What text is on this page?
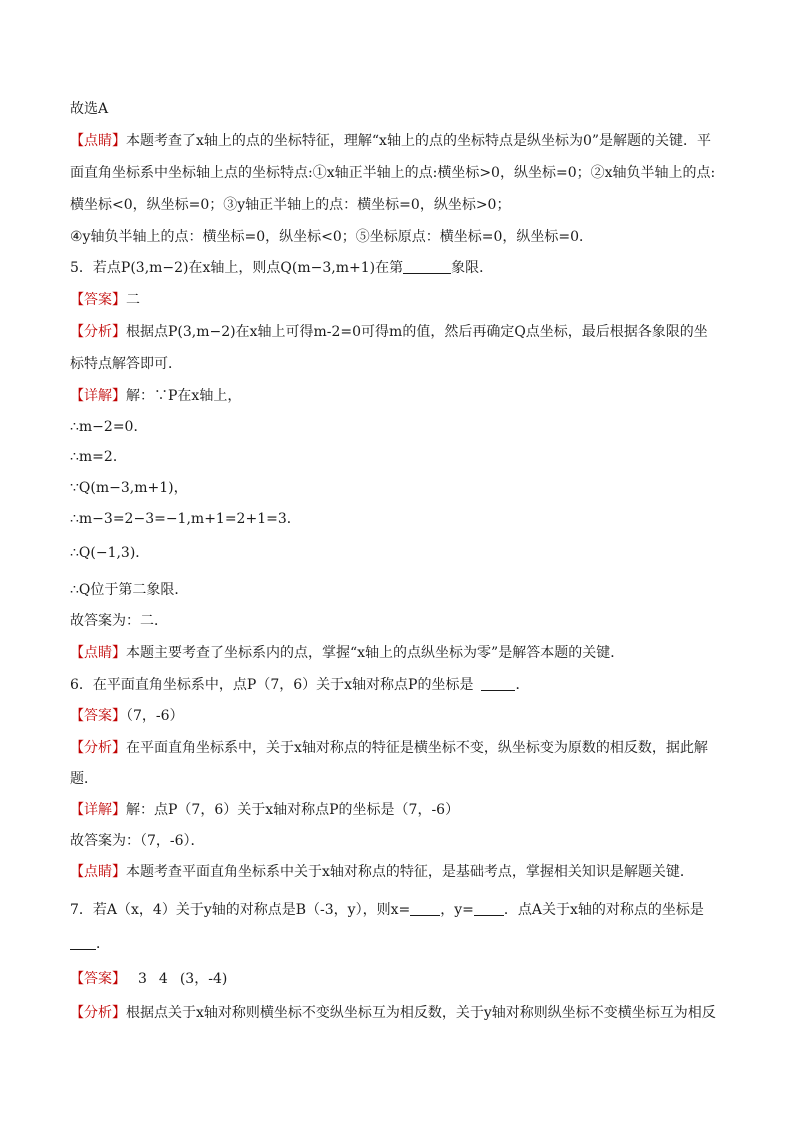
故选A
【点睛】本题考查了x轴上的点的坐标特征，理解“x轴上的点的坐标特点是纵坐标为0”是解题的关键．平
面直角坐标系中坐标轴上点的坐标特点:①x轴正半轴上的点:横坐标>0，纵坐标=0；②x轴负半轴上的点:
横坐标<0，纵坐标=0；③y轴正半轴上的点：横坐标=0，纵坐标>0；
④y轴负半轴上的点：横坐标=0，纵坐标<0；⑤坐标原点：横坐标=0，纵坐标=0．
5．若点P(3,m−2)在x轴上，则点Q(m−3,m+1)在第	象限．
【答案】二
【分析】根据点P(3,m−2)在x轴上可得m-2=0可得m的值，然后再确定Q点坐标，最后根据各象限的坐
标特点解答即可．
【详解】解：∵P在x轴上，
∴m−2=0．
∴m=2．
∵Q(m−3,m+1)，
∴m−3=2−3=−1,m+1=2+1=3．
∴Q(−1,3)．
∴Q位于第二象限．
故答案为：二．
【点睛】本题主要考查了坐标系内的点，掌握“x轴上的点纵坐标为零”是解答本题的关键．
6．在平面直角坐标系中，点P（7，6）关于x轴对称点P的坐标是	．
【答案】（7，-6）
【分析】在平面直角坐标系中，关于x轴对称点的特征是横坐标不变，纵坐标变为原数的相反数，据此解
题．
【详解】解：点P（7，6）关于x轴对称点P的坐标是（7，-6）
故答案为：（7，-6）．
【点睛】本题考查平面直角坐标系中关于x轴对称点的特征，是基础考点，掌握相关知识是解题关键．
7．若A（x，4）关于y轴的对称点是B（-3，y），则x= ，y= ．点A关于x轴的对称点的坐标是
．
【答案】 3 4 (3，-4)
【分析】根据点关于x轴对称则横坐标不变纵坐标互为相反数，关于y轴对称则纵坐标不变横坐标互为相反
